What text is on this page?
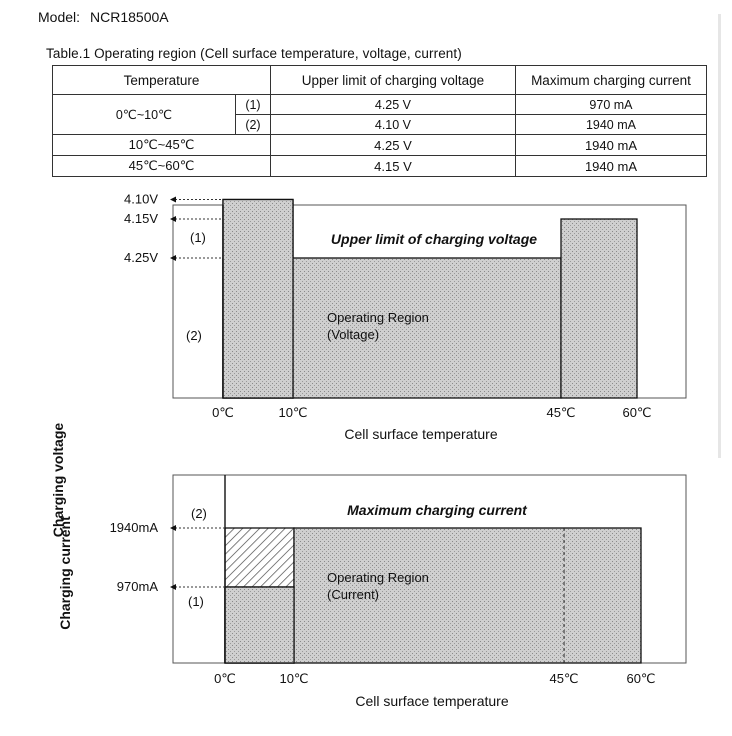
Model: NCR18500A
Table.1 Operating region (Cell surface temperature, voltage, current)
Temperature		Upper limit of charging voltage	Maximum charging current
0℃~10℃	(1)	4.25 V	970 mA
	(2)	4.10 V	1940 mA
10℃~45℃		4.25 V	1940 mA
45℃~60℃		4.15 V	1940 mA
Upper limit of charging voltage
Charging voltage
4.25V
4.15V
4.10V
(1)
(2)
Operating Region
(Voltage)
0℃	10℃	45℃	60℃
Cell surface temperature
Maximum charging current
Charging current	1940mA
970mA
(2)
(1)
Operating Region
(Current)
0℃	10℃	45℃	60℃
Cell surface temperature
